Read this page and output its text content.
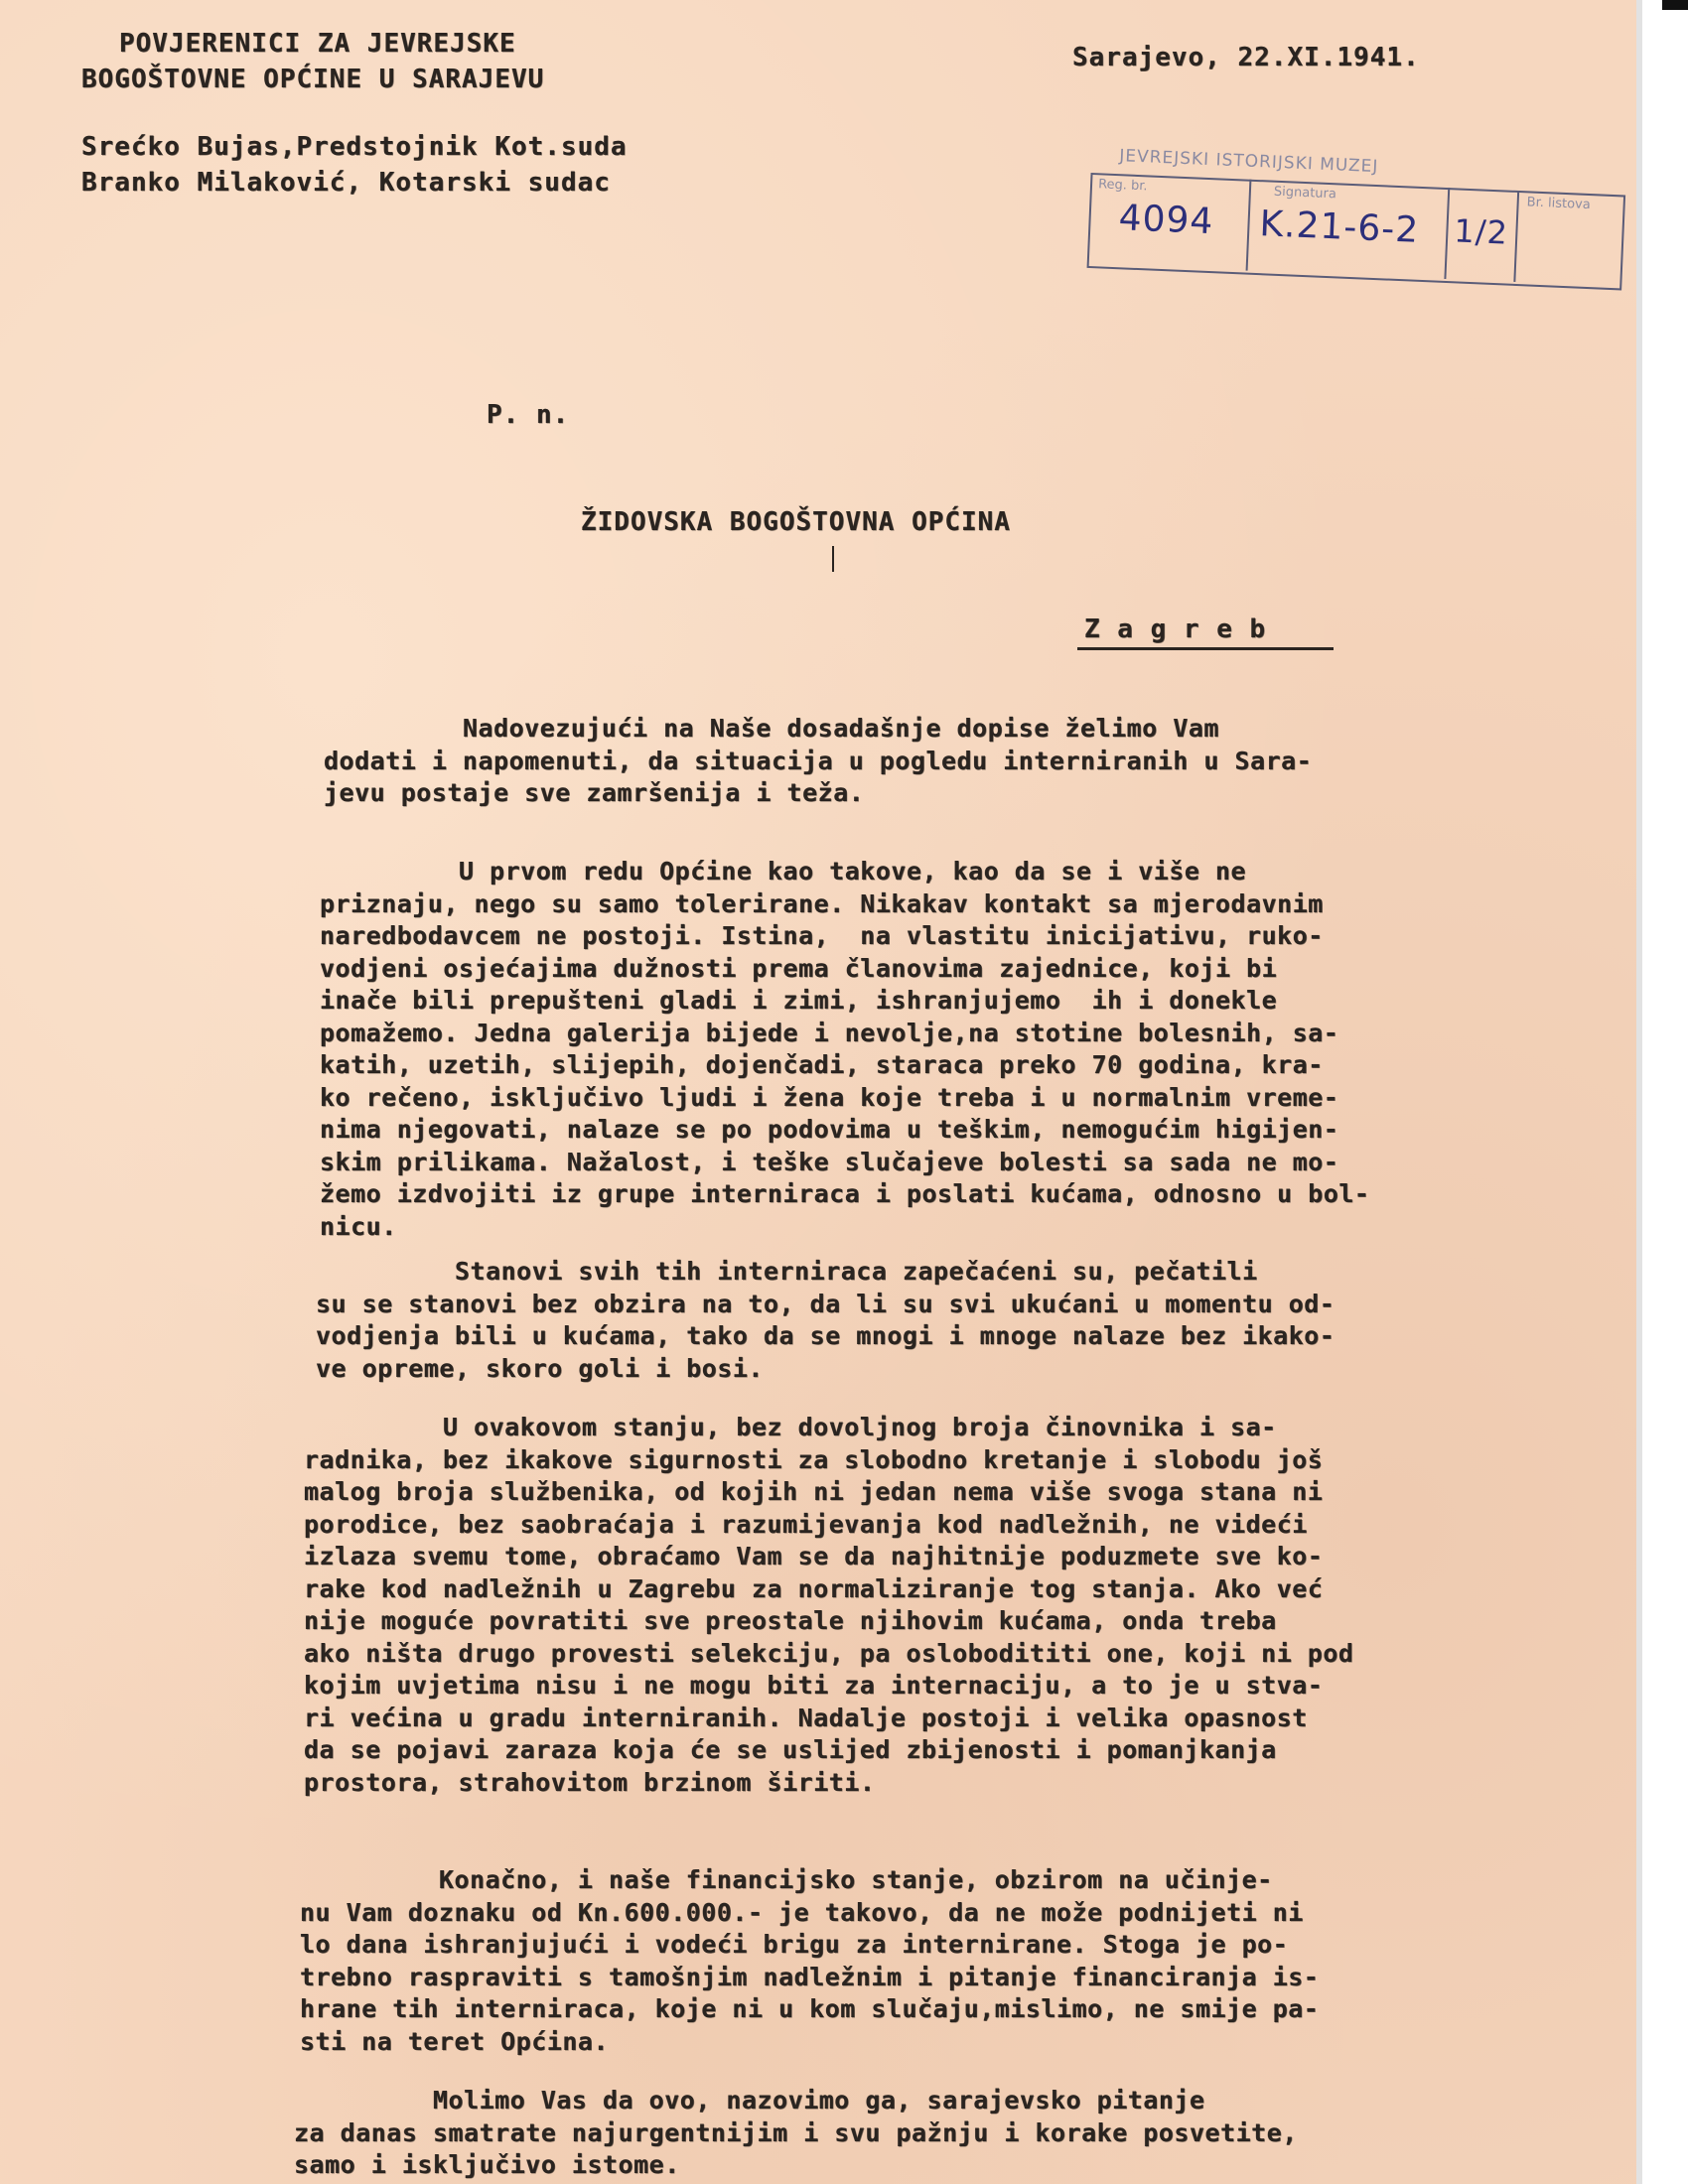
POVJERENICI ZA JEVREJSKE
BOGOŠTOVNE OPĆINE U SARAJEVU
Sarajevo, 22.XI.1941.
Srećko Bujas,Predstojnik Kot.suda
Branko Milaković, Kotarski sudac
JEVREJSKI ISTORIJSKI MUZEJ
Reg. br.	Signatura
Br. listova
4094 K.21-6-2 1/2
P. n.
ŽIDOVSKA BOGOŠTOVNA OPĆINA
Z a g r e b
Nadovezujući na Naše dosadašnje dopise želimo Vam
dodati i napomenuti, da situacija u pogledu interniranih u Sara-
jevu postaje sve zamršenija i teža.
U prvom redu Općine kao takove, kao da se i više ne
priznaju, nego su samo tolerirane. Nikakav kontakt sa mjerodavnim
naredbodavcem ne postoji. Istina,  na vlastitu inicijativu, ruko-
vodjeni osjećajima dužnosti prema članovima zajednice, koji bi
inače bili prepušteni gladi i zimi, ishranjujemo  ih i donekle
pomažemo. Jedna galerija bijede i nevolje,na stotine bolesnih, sa-
katih, uzetih, slijepih, dojenčadi, staraca preko 70 godina, kra-
ko rečeno, isključivo ljudi i žena koje treba i u normalnim vreme-
nima njegovati, nalaze se po podovima u teškim, nemogućim higijen-
skim prilikama. Nažalost, i teške slučajeve bolesti sa sada ne mo-
žemo izdvojiti iz grupe internirаca i poslati kućama, odnosno u bol-
nicu.
Stanovi svih tih interniraca zapečaćeni su, pečatili
su se stanovi bez obzira na to, da li su svi ukućani u momentu od-
vodjenja bili u kućama, tako da se mnogi i mnoge nalaze bez ikako-
ve opreme, skoro goli i bosi.
U ovakovom stanju, bez dovoljnog broja činovnika i sa-
radnika, bez ikakove sigurnosti za slobodno kretanje i slobodu još
malog broja službenika, od kojih ni jedan nema više svoga stana ni
porodice, bez saobraćaja i razumijevanja kod nadležnih, ne videći
izlaza svemu tome, obraćamo Vam se da najhitnije poduzmete sve ko-
rake kod nadležnih u Zagrebu za normaliziranje tog stanja. Ako već
nije moguće povratiti sve preostale njihovim kućama, onda treba
ako ništa drugo provesti selekciju, pa oslobodititi one, koji ni pod
kojim uvjetima nisu i ne mogu biti za internaciju, a to je u stva-
ri većina u gradu interniranih. Nadalje postoji i velika opasnost
da se pojavi zaraza koja će se uslijed zbijenosti i pomanjkanja
prostora, strahovitom brzinom širiti.
Konačno, i naše financijsko stanje, obzirom na učinje-
nu Vam doznaku od Kn.600.000.- je takovo, da ne može podnijeti ni
lo dana ishranjujući i vodeći brigu za internirane. Stoga je po-
trebno raspraviti s tamošnjim nadležnim i pitanje financiranja is-
hrane tih interniraca, koje ni u kom slučaju,mislimo, ne smije pa-
sti na teret Općina.
Molimo Vas da ovo, nazovimo ga, sarajevsko pitanje
za danas smatrate najurgentnijim i svu pažnju i korake posvetite,
samo i isključivo istome.
